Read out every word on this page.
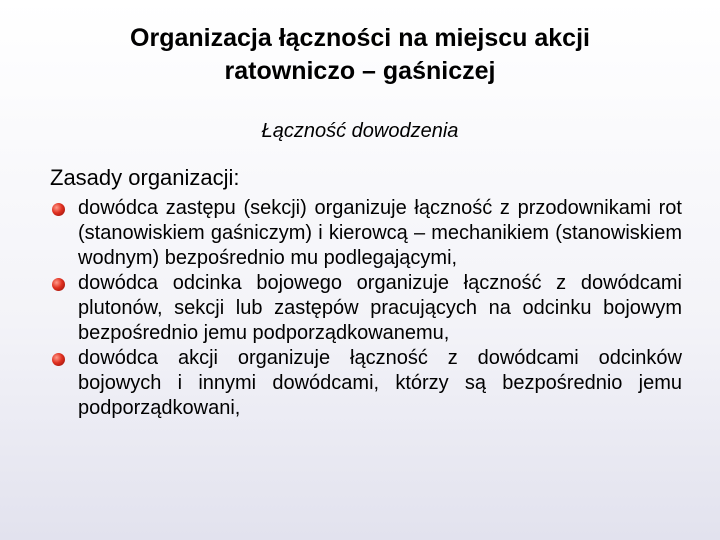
Organizacja łączności na miejscu akcji
ratowniczo – gaśniczej
Łączność dowodzenia
Zasady organizacji:
dowódca zastępu (sekcji) organizuje łączność z przodownikami rot (stanowiskiem gaśniczym) i kierowcą – mechanikiem (stanowiskiem wodnym) bezpośrednio mu podlegającymi,
dowódca odcinka bojowego organizuje łączność z dowódcami plutonów, sekcji lub zastępów pracujących na odcinku bojowym bezpośrednio jemu podporządkowanemu,
dowódca akcji organizuje łączność z dowódcami odcinków bojowych i innymi dowódcami, którzy są bezpośrednio jemu podporządkowani,
